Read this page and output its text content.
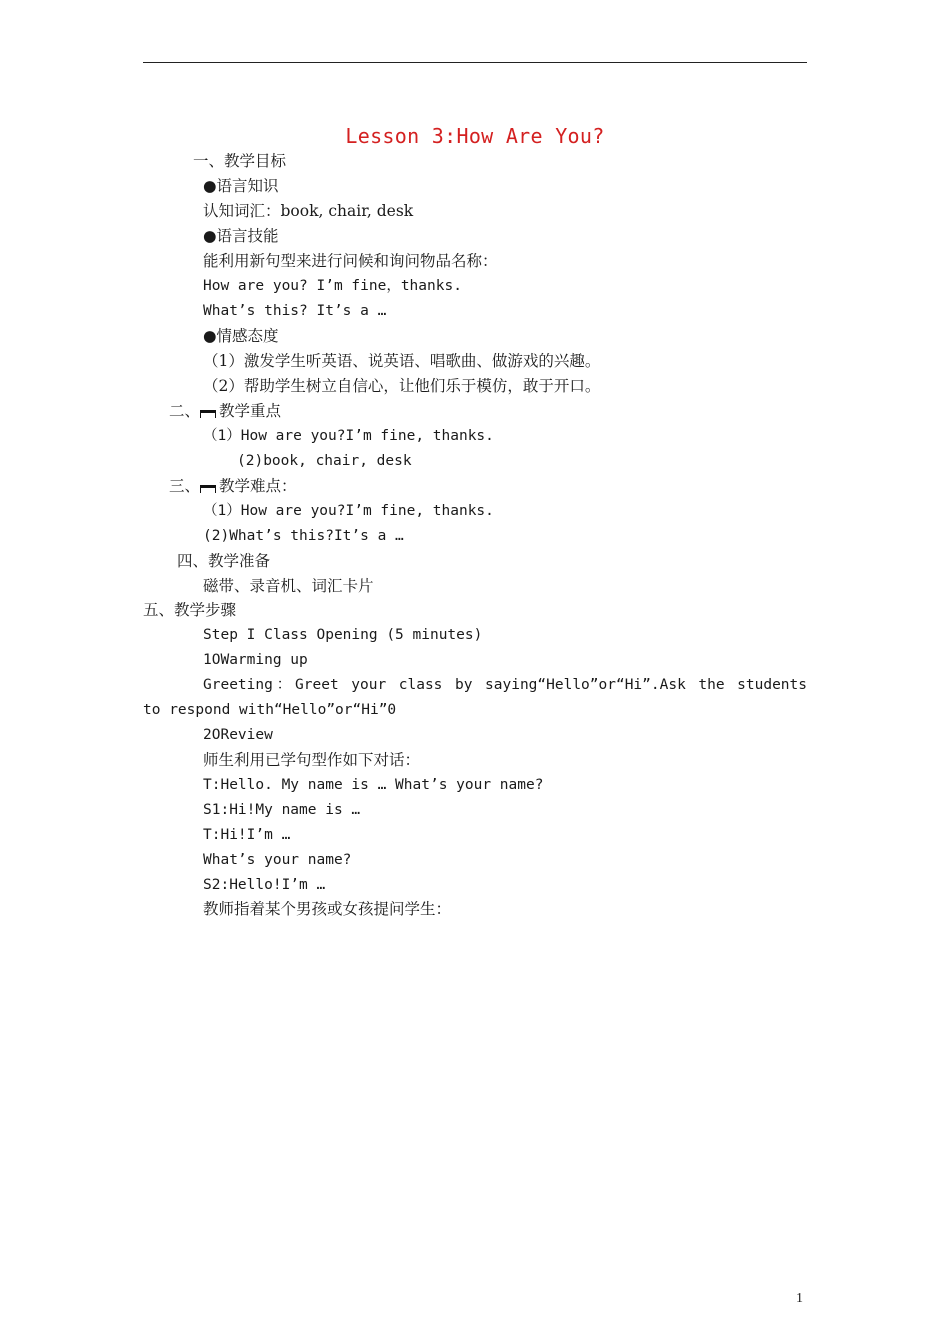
Lesson 3:How Are You?
一、教学目标
●语言知识
认知词汇：book, chair, desk
●语言技能
能利用新句型来进行问候和询问物品名称：
How are you? I’m fine，thanks.
What’s this? It’s a …
●情感态度
（1）激发学生听英语、说英语、唱歌曲、做游戏的兴趣。
（2）帮助学生树立自信心，让他们乐于模仿，敢于开口。
二、 教学重点
（1）How are you?I’m fine, thanks.
(2)book, chair, desk
三、 教学难点：
（1）How are you?I’m fine, thanks.
(2)What’s this?It’s a …
四、教学准备
磁带、录音机、词汇卡片
五、教学步骤
Step I Class Opening (5 minutes)
1OWarming up
Greeting：Greet your class by saying“Hello”or“Hi”.Ask the students
to respond with“Hello”or“Hi”0
2OReview
师生利用已学句型作如下对话：
T:Hello. My name is … What’s your name?
S1:Hi!My name is …
T:Hi!I’m …
What’s your name?
S2:Hello!I’m …
教师指着某个男孩或女孩提问学生：
1
